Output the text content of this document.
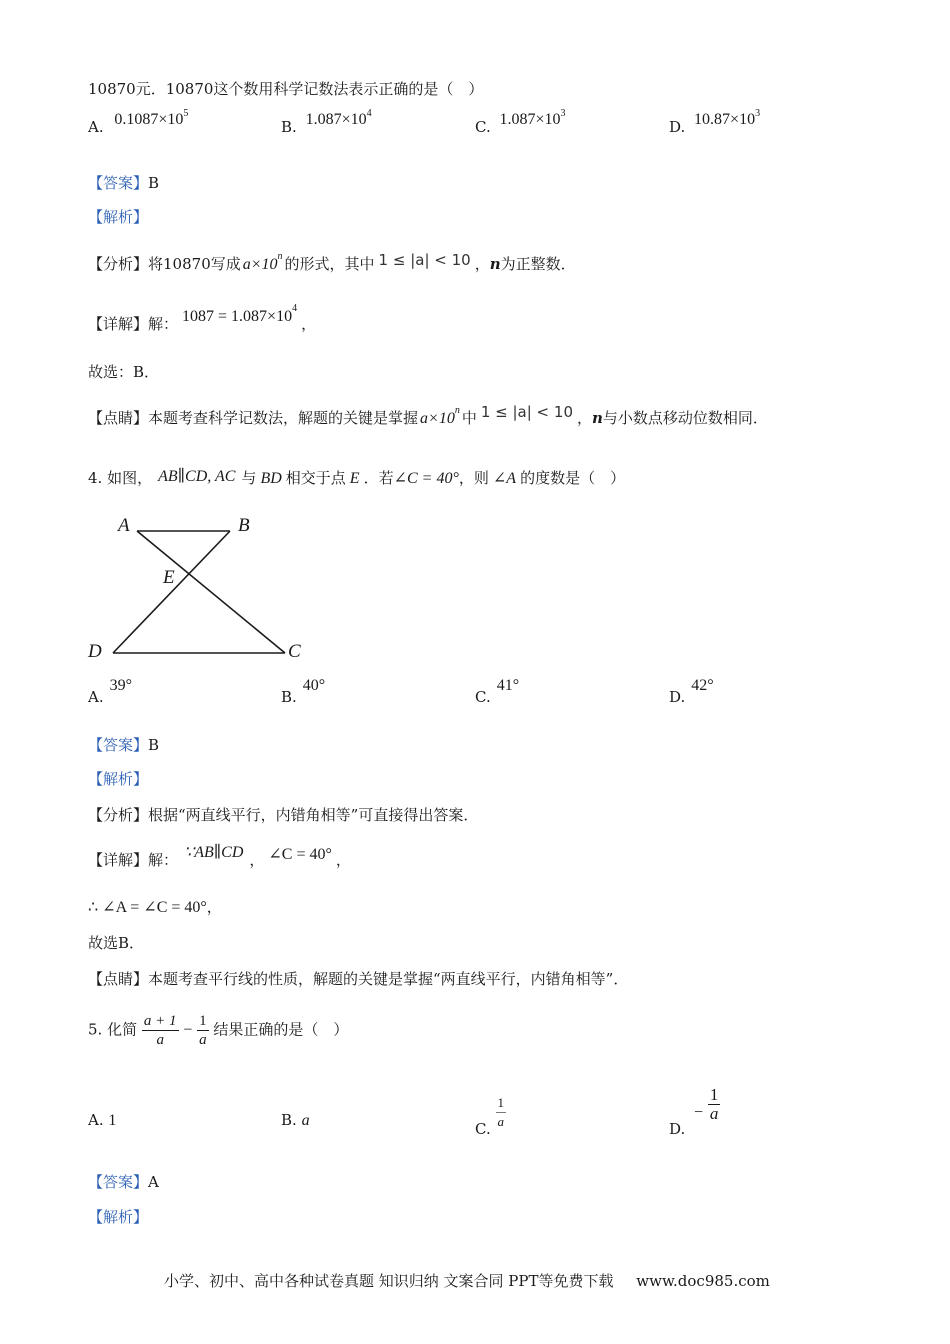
10870元．10870这个数用科学记数法表示正确的是（　）
A. $0.1087\times 10^5$
B. $1.087\times 10^4$
C. $1.087\times 10^3$
D. $10.87\times 10^3$
【答案】B
【解析】
【分析】将10870写成 $a\times 10^n$ 的形式，其中 1 ≤ |a| < 10 ，n为正整数．
【详解】解： $1087 = 1.087\times 10^4$，
故选：B．
【点睛】本题考查科学记数法，解题的关键是掌握 $a\times 10^n$ 中 1 ≤ |a| < 10 ，n与小数点移动位数相同．
4. 如图， AB∥CD, AC 与 BD 相交于点 E ．若∠C = 40°，则 ∠A 的度数是（　）
A	B
E
D	C
A.39°
B.40°
C.41°
D.42°
【答案】B
【解析】
【分析】根据“两直线平行，内错角相等”可直接得出答案．
【详解】解： ∵AB∥CD ， ∠C = 40° ，
∴ ∠A = ∠C = 40°，
故选B．
【点睛】本题考查平行线的性质，解题的关键是掌握“两直线平行，内错角相等”．
5. 化简 $\frac{a + 1}{a} - \frac{1}{a}$ 结果正确的是（　）
A. 1	B. a	C. $\frac{1}{a}$	D. − $\frac{1}{a}$
【答案】A
【解析】
小学、初中、高中各种试卷真题 知识归纳 文案合同 PPT等免费下载 www.doc985.com
